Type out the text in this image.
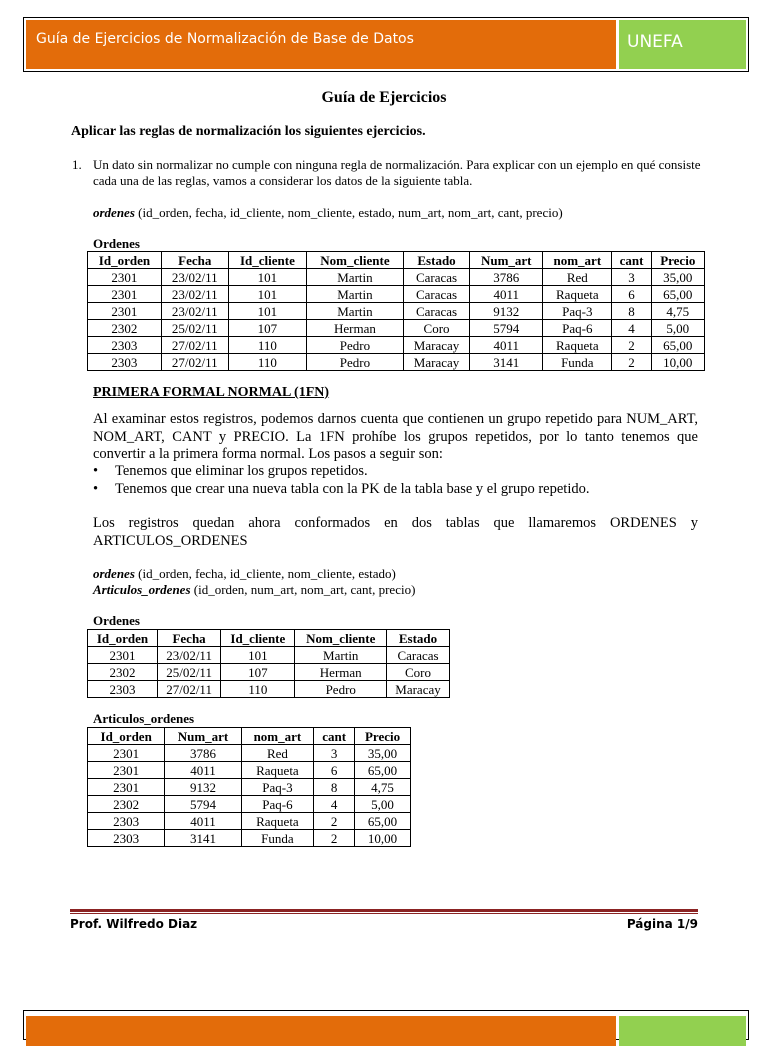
Guía de Ejercicios de Normalización de Base de Datos	UNEFA
Guía de Ejercicios
Aplicar las reglas de normalización los siguientes ejercicios.
1. Un dato sin normalizar no cumple con ninguna regla de normalización. Para explicar con un ejemplo en qué consiste cada una de las reglas, vamos a considerar los datos de la siguiente tabla.
ordenes (id_orden, fecha, id_cliente, nom_cliente, estado, num_art, nom_art, cant, precio)
Ordenes
Id_orden	Fecha	Id_cliente	Nom_cliente	Estado	Num_art	nom_art	cant	Precio
2301	23/02/11	101	Martin	Caracas	3786	Red	3	35,00
2301	23/02/11	101	Martin	Caracas	4011	Raqueta	6	65,00
2301	23/02/11	101	Martin	Caracas	9132	Paq-3	8	4,75
2302	25/02/11	107	Herman	Coro	5794	Paq-6	4	5,00
2303	27/02/11	110	Pedro	Maracay	4011	Raqueta	2	65,00
2303	27/02/11	110	Pedro	Maracay	3141	Funda	2	10,00
PRIMERA FORMAL NORMAL (1FN)
Al examinar estos registros, podemos darnos cuenta que contienen un grupo repetido para NUM_ART, NOM_ART, CANT y PRECIO. La 1FN prohíbe los grupos repetidos, por lo tanto tenemos que convertir a la primera forma normal. Los pasos a seguir son:
• Tenemos que eliminar los grupos repetidos.
• Tenemos que crear una nueva tabla con la PK de la tabla base y el grupo repetido.
Los registros quedan ahora conformados en dos tablas que llamaremos ORDENES y ARTICULOS_ORDENES
ordenes (id_orden, fecha, id_cliente, nom_cliente, estado)
Articulos_ordenes (id_orden, num_art, nom_art, cant, precio)
Ordenes
Id_orden	Fecha	Id_cliente	Nom_cliente	Estado
2301	23/02/11	101	Martin	Caracas
2302	25/02/11	107	Herman	Coro
2303	27/02/11	110	Pedro	Maracay
Articulos_ordenes
Id_orden	Num_art	nom_art	cant	Precio
2301	3786	Red	3	35,00
2301	4011	Raqueta	6	65,00
2301	9132	Paq-3	8	4,75
2302	5794	Paq-6	4	5,00
2303	4011	Raqueta	2	65,00
2303	3141	Funda	2	10,00
Prof. Wilfredo Diaz	Página 1/9
